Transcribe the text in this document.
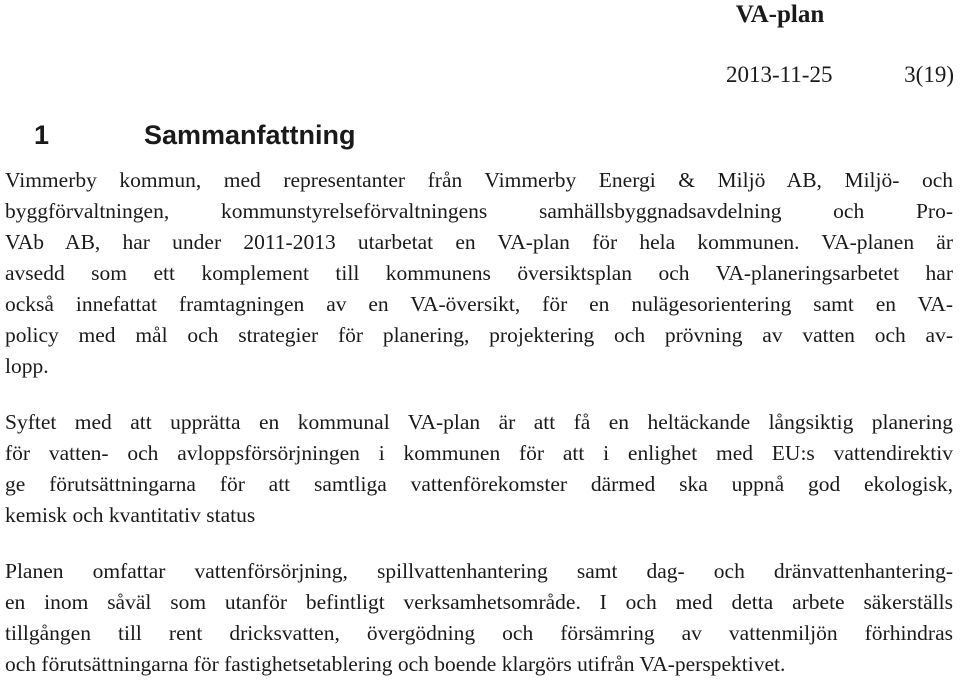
VA-plan
2013-11-25	3(19)
1	Sammanfattning
Vimmerby kommun, med representanter från Vimmerby Energi & Miljö AB, Miljö- och
byggförvaltningen, kommunstyrelseförvaltningens samhällsbyggnadsavdelning och Pro-
VAb AB, har under 2011-2013 utarbetat en VA-plan för hela kommunen. VA-planen är
avsedd som ett komplement till kommunens översiktsplan och VA-planeringsarbetet har
också innefattat framtagningen av en VA-översikt, för en nulägesorientering samt en VA-
policy med mål och strategier för planering, projektering och prövning av vatten och av-
lopp.
Syftet med att upprätta en kommunal VA-plan är att få en heltäckande långsiktig planering
för vatten- och avloppsförsörjningen i kommunen för att i enlighet med EU:s vattendirektiv
ge förutsättningarna för att samtliga vattenförekomster därmed ska uppnå god ekologisk,
kemisk och kvantitativ status
Planen omfattar vattenförsörjning, spillvattenhantering samt dag- och dränvattenhantering-
en inom såväl som utanför befintligt verksamhetsområde. I och med detta arbete säkerställs
tillgången till rent dricksvatten, övergödning och försämring av vattenmiljön förhindras
och förutsättningarna för fastighetsetablering och boende klargörs utifrån VA-perspektivet.
